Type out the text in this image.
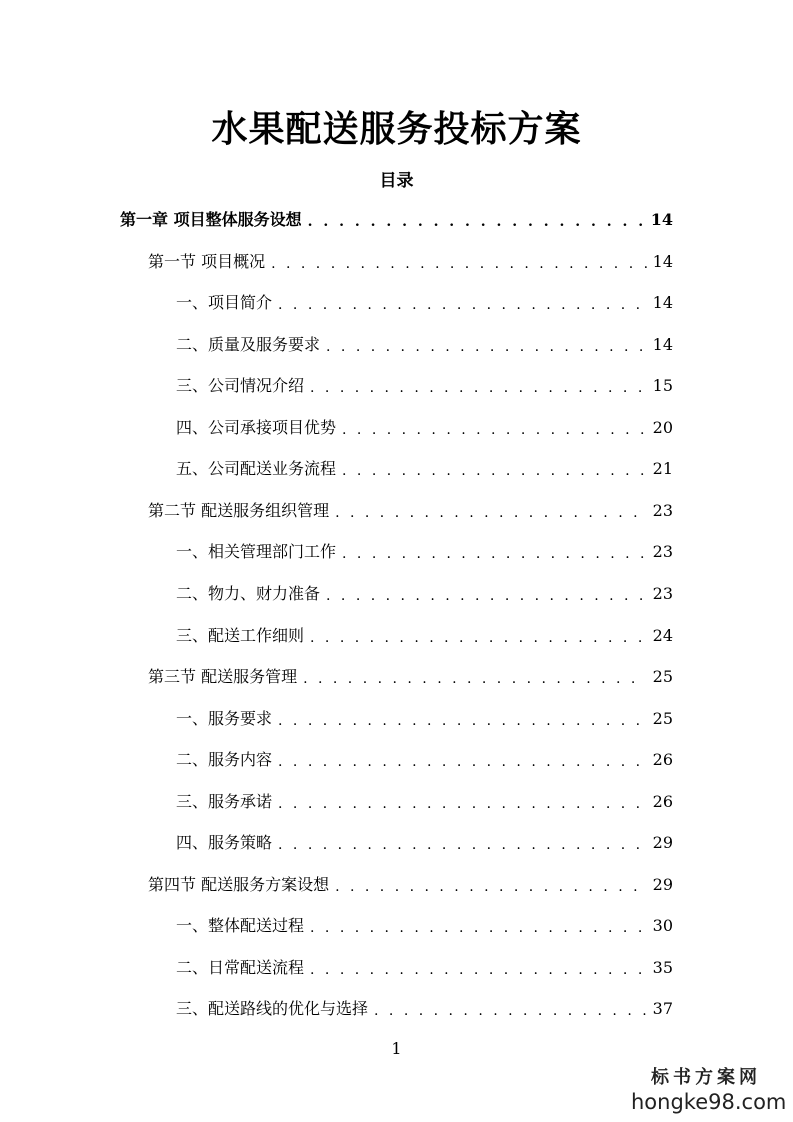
水果配送服务投标方案
目录
第一章 项目整体服务设想 . . .	14
第一节 项目概况 . . .	14
一、项目简介 . . .	14
二、质量及服务要求 . . .	14
三、公司情况介绍 . . .	15
四、公司承接项目优势 . . .	20
五、公司配送业务流程 . . .	21
第二节 配送服务组织管理 . . .	23
一、相关管理部门工作 . . .	23
二、物力、财力准备 . . .	23
三、配送工作细则 . . .	24
第三节 配送服务管理 . . .	25
一、服务要求 . . .	25
二、服务内容 . . .	26
三、服务承诺 . . .	26
四、服务策略 . . .	29
第四节 配送服务方案设想 . . .	29
一、整体配送过程 . . .	30
二、日常配送流程 . . .	35
三、配送路线的优化与选择 . . .	37
1
标书方案网
hongke98.com
